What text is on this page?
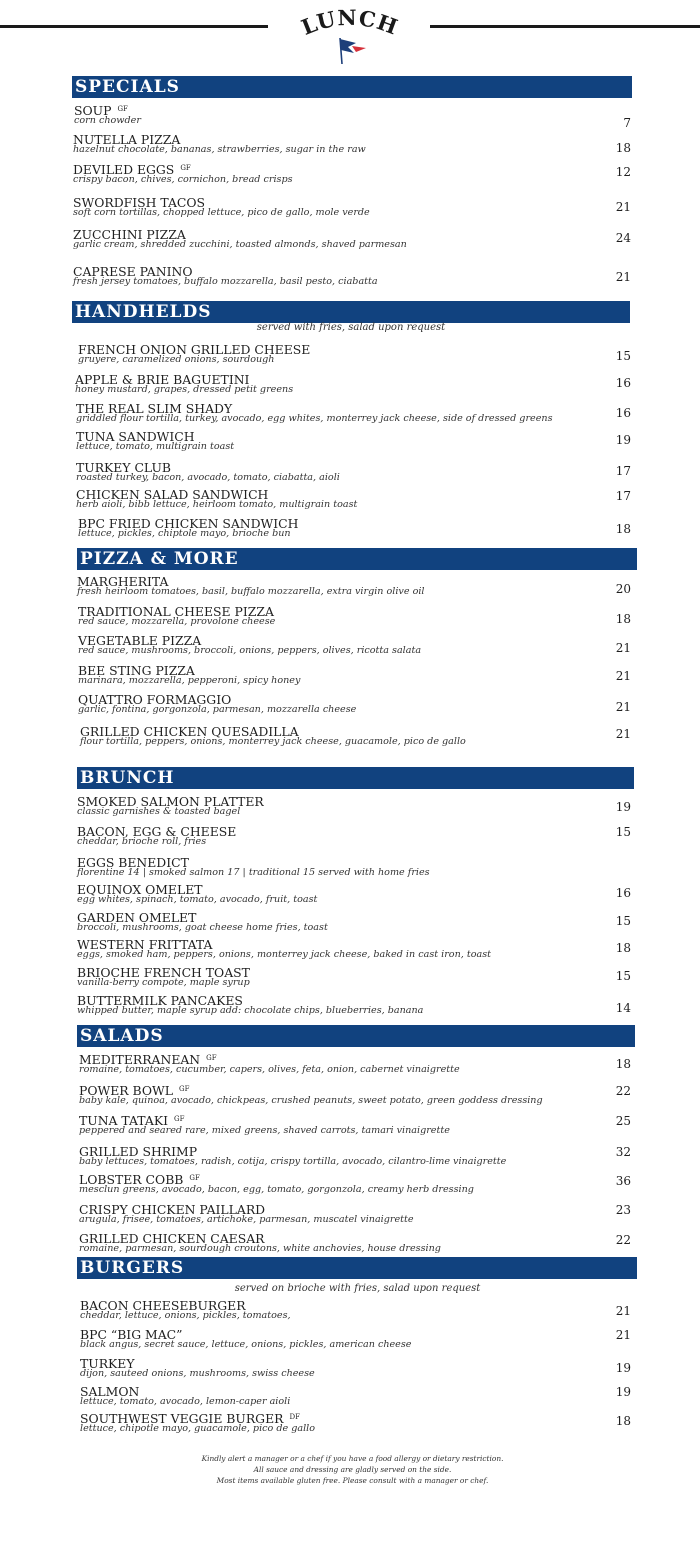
LUNCH
SPECIALS
SOUP $^{GF}$
corn chowder	7
NUTELLA PIZZA
hazelnut chocolate, bananas, strawberries, sugar in the raw	18
DEVILED EGGS $^{GF}$
crispy bacon, chives, cornichon, bread crisps
12
SWORDFISH TACOS
soft corn tortillas, chopped lettuce, pico de gallo, mole verde	21
ZUCCHINI PIZZA
garlic cream, shredded zucchini, toasted almonds, shaved parmesan	24
CAPRESE PANINO
fresh jersey tomatoes, buffalo mozzarella, basil pesto, ciabatta	21
HANDHELDS
served with fries, salad upon request
FRENCH ONION GRILLED CHEESE
gruyere, caramelized onions, sourdough	15
APPLE & BRIE BAGUETINI
honey mustard, grapes, dressed petit greens	16
THE REAL SLIM SHADY
griddled flour tortilla, turkey, avocado, egg whites, monterrey jack cheese, side of dressed greens	16
TUNA SANDWICH
lettuce, tomato, multigrain toast	19
TURKEY CLUB
roasted turkey, bacon, avocado, tomato, ciabatta, aioli	17
CHICKEN SALAD SANDWICH
herb aioli, bibb lettuce, heirloom tomato, multigrain toast
17
BPC FRIED CHICKEN SANDWICH
lettuce, pickles, chiptole mayo, brioche bun	18
PIZZA & MORE
MARGHERITA
fresh heirloom tomatoes, basil, buffalo mozzarella, extra virgin olive oil	20
TRADITIONAL CHEESE PIZZA
red sauce, mozzarella, provolone cheese	18
VEGETABLE PIZZA
red sauce, mushrooms, broccoli, onions, peppers, olives, ricotta salata	21
BEE STING PIZZA
marinara, mozzarella, pepperoni, spicy honey	21
QUATTRO FORMAGGIO
garlic, fontina, gorgonzola, parmesan, mozzarella cheese	21
GRILLED CHICKEN QUESADILLA
flour tortilla, peppers, onions, monterrey jack cheese, guacamole, pico de gallo
21
BRUNCH
SMOKED SALMON PLATTER
classic garnishes & toasted bagel	19
BACON, EGG & CHEESE
cheddar, brioche roll, fries
15
EGGS BENEDICT
florentine 14 | smoked salmon 17 | traditional 15 served with home fries
EQUINOX OMELET
egg whites, spinach, tomato, avocado, fruit, toast	16
GARDEN OMELET
broccoli, mushrooms, goat cheese home fries, toast	15
WESTERN FRITTATA
eggs, smoked ham, peppers, onions, monterrey jack cheese, baked in cast iron, toast	18
BRIOCHE FRENCH TOAST
vanilla-berry compote, maple syrup	15
BUTTERMILK PANCAKES
whipped butter, maple syrup add: chocolate chips, blueberries, banana	14
SALADS
MEDITERRANEAN $^{GF}$
romaine, tomatoes, cucumber, capers, olives, feta, onion, cabernet vinaigrette	18
POWER BOWL $^{GF}$
baby kale, quinoa, avocado, chickpeas, crushed peanuts, sweet potato, green goddess dressing
22
TUNA TATAKI $^{GF}$
peppered and seared rare, mixed greens, shaved carrots, tamari vinaigrette
25
GRILLED SHRIMP
baby lettuces, tomatoes, radish, cotija, crispy tortilla, avocado, cilantro-lime vinaigrette
32
LOBSTER COBB $^{GF}$
mesclun greens, avocado, bacon, egg, tomato, gorgonzola, creamy herb dressing
36
CRISPY CHICKEN PAILLARD
arugula, frisee, tomatoes, artichoke, parmesan, muscatel vinaigrette
23
GRILLED CHICKEN CAESAR
romaine, parmesan, sourdough croutons, white anchovies, house dressing
22
BURGERS
served on brioche with fries, salad upon request
BACON CHEESEBURGER
cheddar, lettuce, onions, pickles, tomatoes,	21
BPC “BIG MAC”
black angus, secret sauce, lettuce, onions, pickles, american cheese
21
TURKEY
dijon, sauteed onions, mushrooms, swiss cheese	19
SALMON
lettuce, tomato, avocado, lemon-caper aioli
19
SOUTHWEST VEGGIE BURGER $^{DF}$
lettuce, chipotle mayo, guacamole, pico de gallo
18
Kindly alert a manager or a chef if you have a food allergy or dietary restriction.
All sauce and dressing are gladly served on the side.
Most items available gluten free. Please consult with a manager or chef.
